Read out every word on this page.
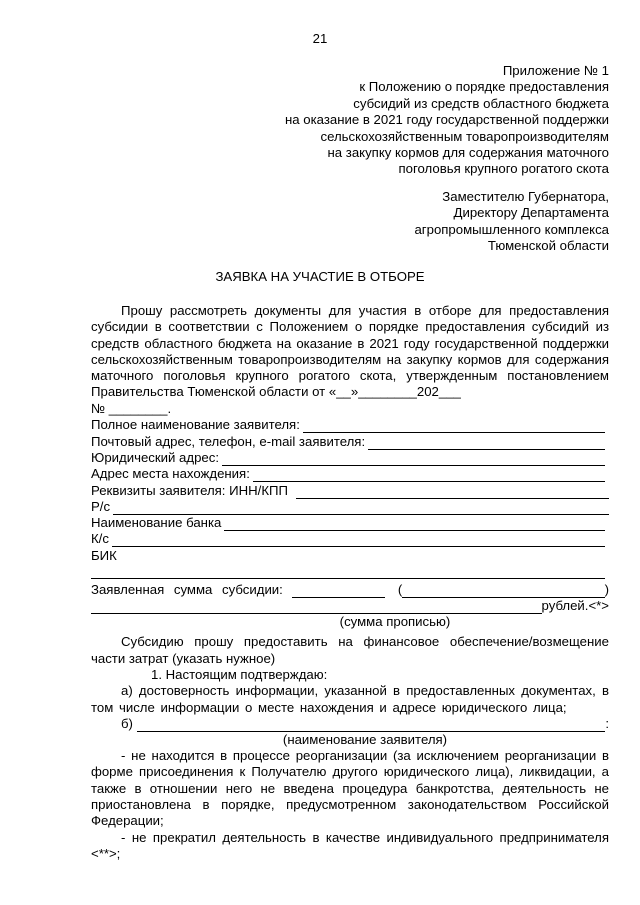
21
Приложение № 1
к Положению о порядке предоставления
субсидий из средств областного бюджета
на оказание в 2021 году государственной поддержки
сельскохозяйственным товаропроизводителям
на закупку кормов для содержания маточного
поголовья крупного рогатого скота
Заместителю Губернатора,
Директору Департамента
агропромышленного комплекса
Тюменской области
ЗАЯВКА НА УЧАСТИЕ В ОТБОРЕ

Прошу рассмотреть документы для участия в отборе для предоставления субсидии в соответствии с Положением о порядке предоставления субсидий из средств областного бюджета на оказание в 2021 году государственной поддержки сельскохозяйственным товаропроизводителям на закупку кормов для содержания маточного поголовья крупного рогатого скота, утвержденным постановлением Правительства Тюменской области от «__»________202___

№ ________.
Полное наименование заявителя:
Почтовый адрес, телефон, e-mail заявителя:
Юридический адрес:
Адрес места нахождения:
Реквизиты заявителя: ИНН/КПП
Р/с
Наименование банка
К/с
БИК
Заявленная сумма субсидии:	(	)
рублей.<*>
(сумма прописью)

Субсидию прошу предоставить на финансовое обеспечение/возмещение части затрат (указать нужное)

1. Настоящим подтверждаю:

а) достоверность информации, указанной в предоставленных документах, в том числе информации о месте нахождения и адресе юридического лица;

б)	:
(наименование заявителя)

- не находится в процессе реорганизации (за исключением реорганизации в форме присоединения к Получателю другого юридического лица), ликвидации, а также в отношении него не введена процедура банкротства, деятельность не приостановлена в порядке, предусмотренном законодательством Российской Федерации;

- не прекратил деятельность в качестве индивидуального предпринимателя <**>;
